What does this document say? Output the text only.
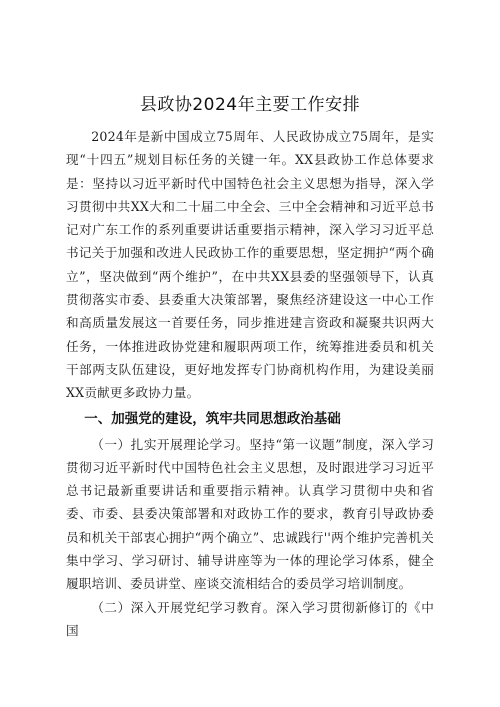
县政协2024年主要工作安排

2024年是新中国成立75周年、人民政协成立75周年，是实现“十四五”规划目标任务的关键一年。XX县政协工作总体要求是：坚持以习近平新时代中国特色社会主义思想为指导，深入学习贯彻中共XX大和二十届二中全会、三中全会精神和习近平总书记对广东工作的系列重要讲话重要指示精神，深入学习习近平总书记关于加强和改进人民政协工作的重要思想，坚定拥护“两个确立”，坚决做到“两个维护”，在中共XX县委的坚强领导下，认真贯彻落实市委、县委重大决策部署，聚焦经济建设这一中心工作和高质量发展这一首要任务，同步推进建言资政和凝聚共识两大任务，一体推进政协党建和履职两项工作，统筹推进委员和机关干部两支队伍建设，更好地发挥专门协商机构作用，为建设美丽XX贡献更多政协力量。

一、加强党的建设，筑牢共同思想政治基础

（一）扎实开展理论学习。坚持“第一议题”制度，深入学习贯彻习近平新时代中国特色社会主义思想，及时跟进学习习近平总书记最新重要讲话和重要指示精神。认真学习贯彻中央和省委、市委、县委决策部署和对政协工作的要求，教育引导政协委员和机关干部衷心拥护“两个确立”、忠诚践行''两个维护完善机关集中学习、学习研讨、辅导讲座等为一体的理论学习体系，健全履职培训、委员讲堂、座谈交流相结合的委员学习培训制度。

（二）深入开展党纪学习教育。深入学习贯彻新修订的《中国
